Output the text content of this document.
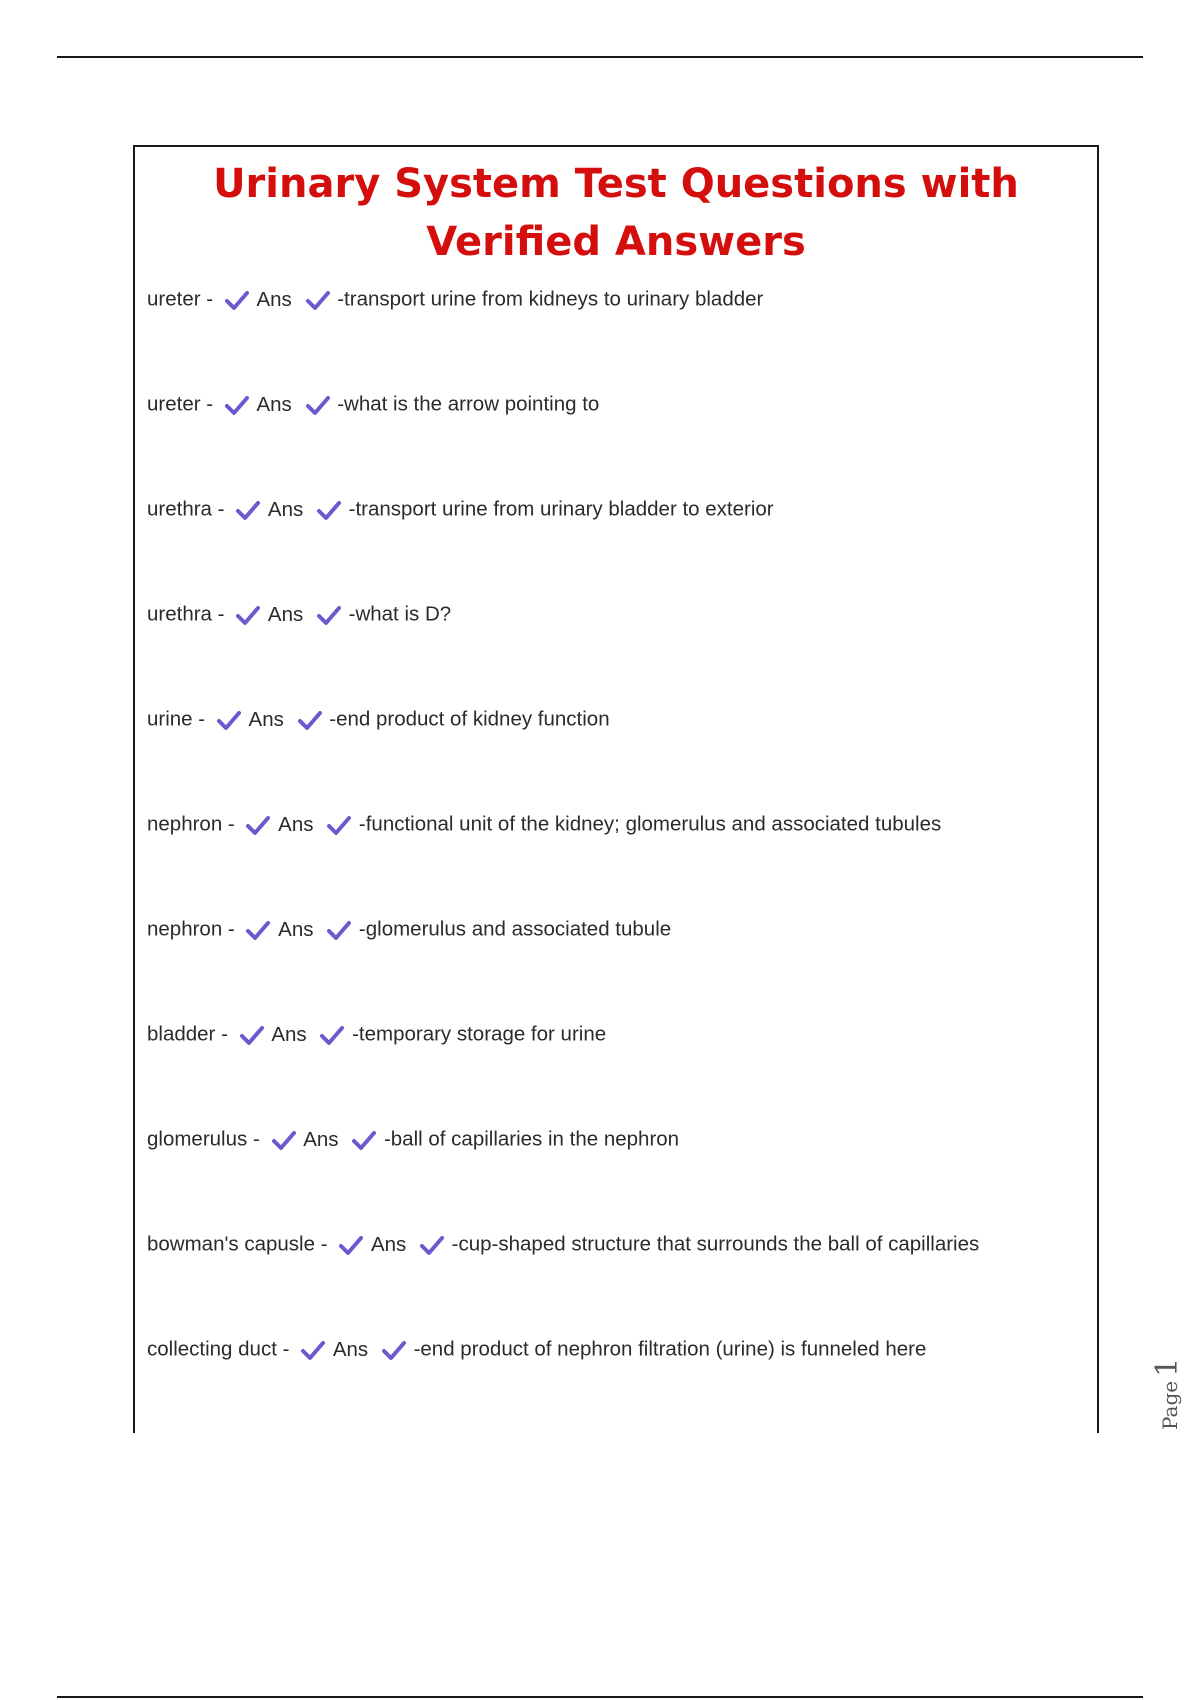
Urinary System Test Questions with Verified Answers
ureter - Ans -transport urine from kidneys to urinary bladder
ureter - Ans -what is the arrow pointing to
urethra - Ans -transport urine from urinary bladder to exterior
urethra - Ans -what is D?
urine - Ans -end product of kidney function
nephron - Ans -functional unit of the kidney; glomerulus and associated tubules
nephron - Ans -glomerulus and associated tubule
bladder - Ans -temporary storage for urine
glomerulus - Ans -ball of capillaries in the nephron
bowman's capusle - Ans -cup-shaped structure that surrounds the ball of capillaries
collecting duct - Ans -end product of nephron filtration (urine) is funneled here
Page1
